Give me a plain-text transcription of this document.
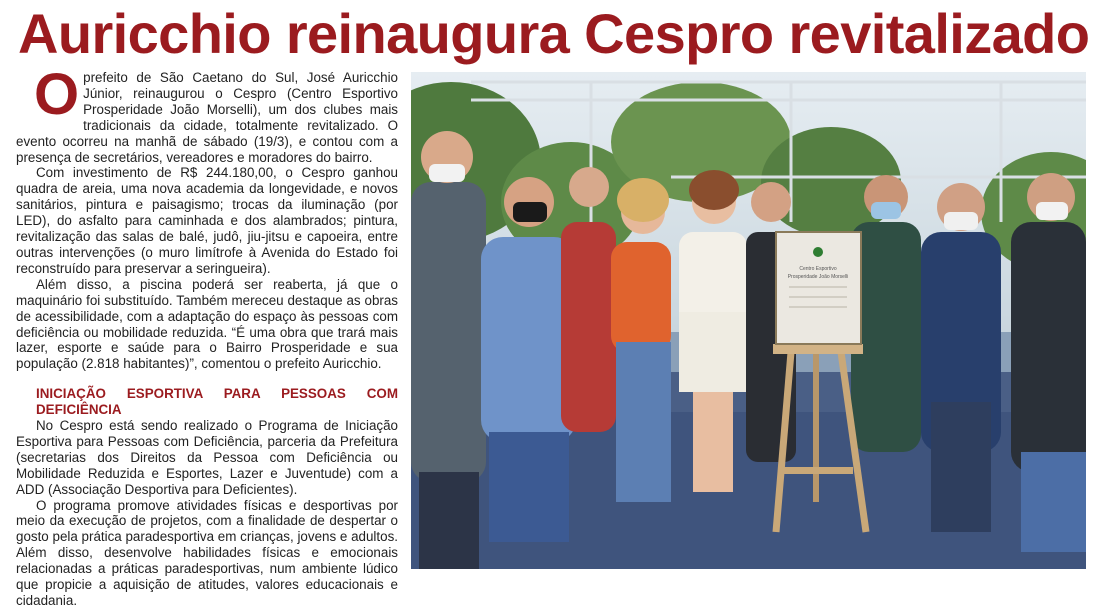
Auricchio reinaugura Cespro revitalizado
O prefeito de São Caetano do Sul, José Auricchio Júnior, reinaugurou o Cespro (Centro Esportivo Prosperidade João Morselli), um dos clubes mais tradicionais da cidade, totalmente revitalizado. O evento ocorreu na manhã de sábado (19/3), e contou com a presença de secretários, vereadores e moradores do bairro.

Com investimento de R$ 244.180,00, o Cespro ganhou quadra de areia, uma nova academia da longevidade, e novos sanitários, pintura e paisagismo; trocas da iluminação (por LED), do asfalto para caminhada e dos alambrados; pintura, revitalização das salas de balé, judô, jiu-jitsu e capoeira, entre outras intervenções (o muro limítrofe à Avenida do Estado foi reconstruído para preservar a seringueira).

Além disso, a piscina poderá ser reaberta, já que o maquinário foi substituído. Também mereceu destaque as obras de acessibilidade, com a adaptação do espaço às pessoas com deficiência ou mobilidade reduzida. “É uma obra que trará mais lazer, esporte e saúde para o Bairro Prosperidade e sua população (2.818 habitantes)”, comentou o prefeito Auricchio.

INICIAÇÃO ESPORTIVA PARA PESSOAS COM DEFICIÊNCIA

No Cespro está sendo realizado o Programa de Iniciação Esportiva para Pessoas com Deficiência, parceria da Prefeitura (secretarias dos Direitos da Pessoa com Deficiência ou Mobilidade Reduzida e Esportes, Lazer e Juventude) com a ADD (Associação Desportiva para Deficientes).

O programa promove atividades físicas e desportivas por meio da execução de projetos, com a finalidade de despertar o gosto pela prática paradesportiva em crianças, jovens e adultos. Além disso, desenvolve habilidades físicas e emocionais relacionadas a práticas paradesportivas, num ambiente lúdico que propicie a aquisição de atitudes, valores educacionais e cidadania.

Centro Esportivo
Prosperidade João Morselli
